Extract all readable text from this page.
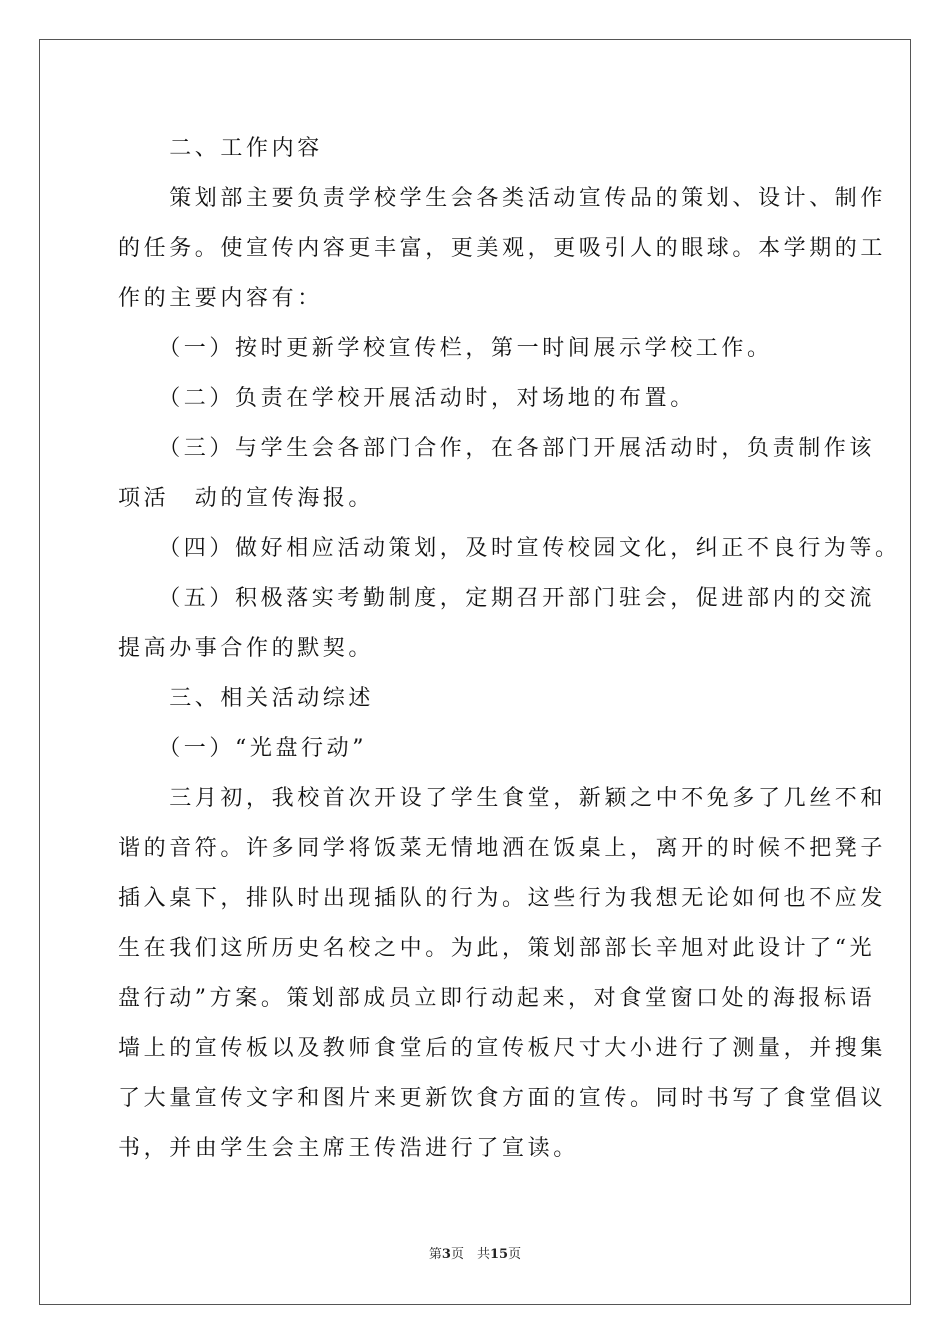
　　二、工作内容
　　策划部主要负责学校学生会各类活动宣传品的策划、设计、制作
的任务。使宣传内容更丰富，更美观，更吸引人的眼球。本学期的工
作的主要内容有：
　　（一）按时更新学校宣传栏，第一时间展示学校工作。
　　（二）负责在学校开展活动时，对场地的布置。
　　（三）与学生会各部门合作，在各部门开展活动时，负责制作该
项活　动的宣传海报。
　　（四）做好相应活动策划，及时宣传校园文化，纠正不良行为等。
　　（五）积极落实考勤制度，定期召开部门驻会，促进部内的交流
提高办事合作的默契。
　　三、相关活动综述
　　（一）“光盘行动”
　　三月初，我校首次开设了学生食堂，新颖之中不免多了几丝不和
谐的音符。许多同学将饭菜无情地洒在饭桌上，离开的时候不把凳子
插入桌下，排队时出现插队的行为。这些行为我想无论如何也不应发
生在我们这所历史名校之中。为此，策划部部长辛旭对此设计了“光
盘行动”方案。策划部成员立即行动起来，对食堂窗口处的海报标语
墙上的宣传板以及教师食堂后的宣传板尺寸大小进行了测量，并搜集
了大量宣传文字和图片来更新饮食方面的宣传。同时书写了食堂倡议
书，并由学生会主席王传浩进行了宣读。
第3页　共15页
